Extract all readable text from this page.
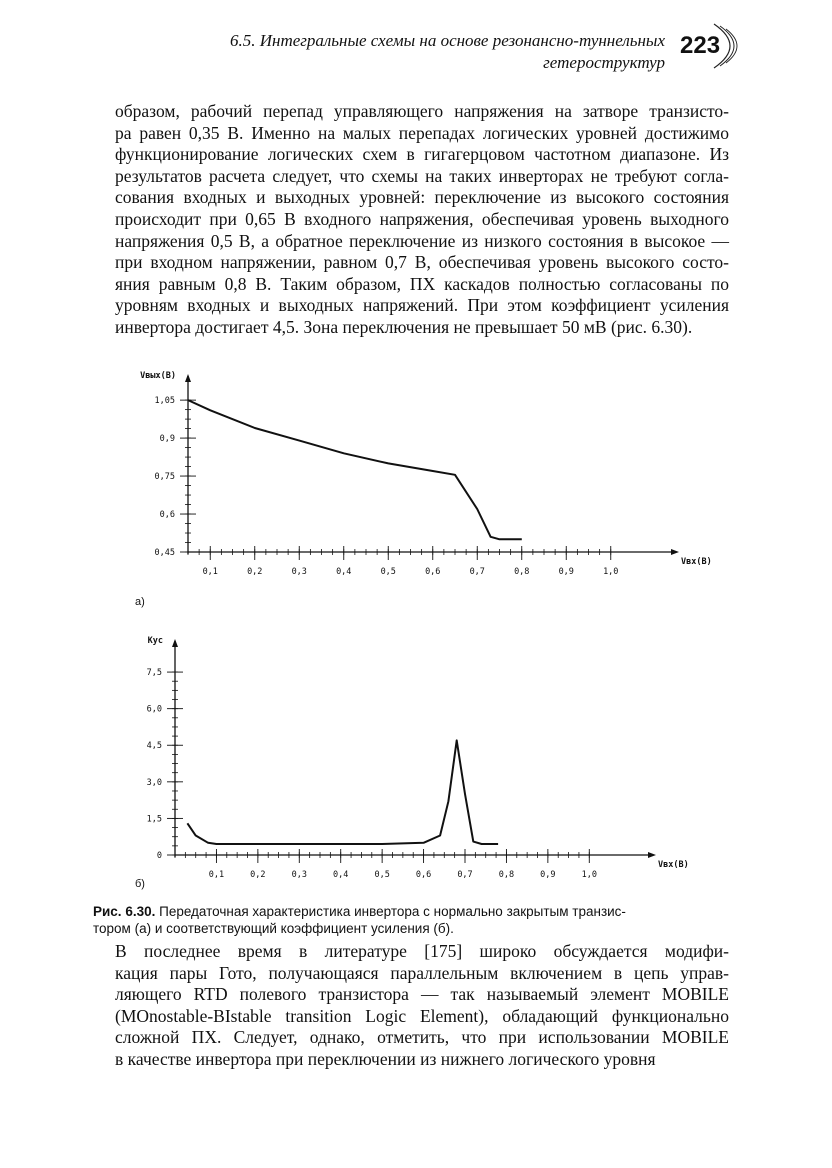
6.5. Интегральные схемы на основе резонансно-туннельных
гетероструктур
223
образом, рабочий перепад управляющего напряжения на затворе транзисто-
ра равен 0,35 В. Именно на малых перепадах логических уровней достижимо
функционирование логических схем в гигагерцовом частотном диапазоне. Из
результатов расчета следует, что схемы на таких инверторах не требуют согла-
сования входных и выходных уровней: переключение из высокого состояния
происходит при 0,65 В входного напряжения, обеспечивая уровень выходного
напряжения 0,5 В, а обратное переключение из низкого состояния в высокое —
при входном напряжении, равном 0,7 В, обеспечивая уровень высокого состо-
яния равным 0,8 В. Таким образом, ПХ каскадов полностью согласованы по
уровням входных и выходных напряжений. При этом коэффициент усиления
инвертора достигает 4,5. Зона переключения не превышает 50 мВ (рис. 6.30).
0,1	0,2	0,3	0,4	0,5	0,6	0,7	0,8	0,9	1,0
1,05
0,9
0,75
0,6
0,45
Vвых(В)
Vвх(В)
а)
0,1	0,2	0,3	0,4	0,5	0,6	0,7	0,8	0,9	1,0
7,5
6,0
4,5
3,0
1,5
0
Kус
Vвх(В)
б)
Рис. 6.30. Передаточная характеристика инвертора с нормально закрытым транзис-
тором (а) и соответствующий коэффициент усиления (б).
В последнее время в литературе [175] широко обсуждается модифи-
кация пары Гото, получающаяся параллельным включением в цепь управ-
ляющего RTD полевого транзистора — так называемый элемент MOBILE
(MOnostable-BIstable transition Logic Element), обладающий функционально
сложной ПХ. Следует, однако, отметить, что при использовании MOBILE
в качестве инвертора при переключении из нижнего логического уровня
